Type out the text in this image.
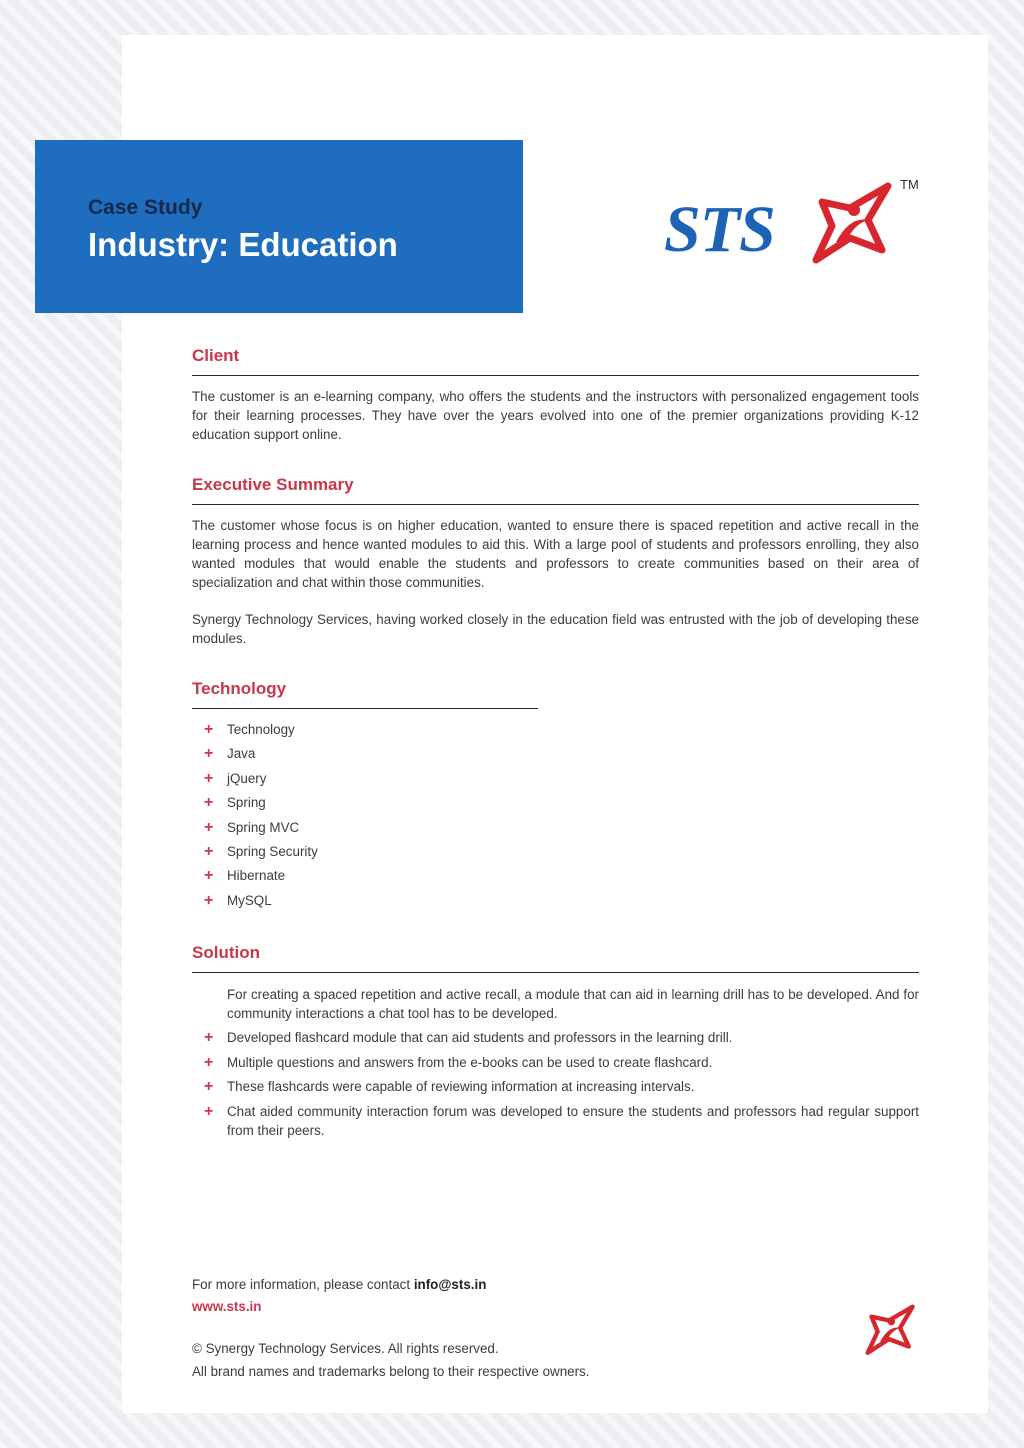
Case Study
Industry: Education	STS
TM
Client

The customer is an e-learning company, who offers the students and the instructors with personalized engagement tools for their learning processes. They have over the years evolved into one of the premier organizations providing K-12 education support online.

Executive Summary

The customer whose focus is on higher education, wanted to ensure there is spaced repetition and active recall in the learning process and hence wanted modules to aid this. With a large pool of students and professors enrolling, they also wanted modules that would enable the students and professors to create communities based on their area of specialization and chat within those communities.

Synergy Technology Services, having worked closely in the education field was entrusted with the job of developing these modules.

Technology
+ Technology
+ Java
+ jQuery
+ Spring
+ Spring MVC
+ Spring Security
+ Hibernate
+ MySQL
Solution
For creating a spaced repetition and active recall, a module that can aid in learning drill has to be developed. And for community interactions a chat tool has to be developed.
+ Developed flashcard module that can aid students and professors in the learning drill.
+ Multiple questions and answers from the e-books can be used to create flashcard.
+ These flashcards were capable of reviewing information at increasing intervals.
+ Chat aided community interaction forum was developed to ensure the students and professors had regular support from their peers.
For more information, please contact info@sts.in
www.sts.in
© Synergy Technology Services. All rights reserved.
All brand names and trademarks belong to their respective owners.
